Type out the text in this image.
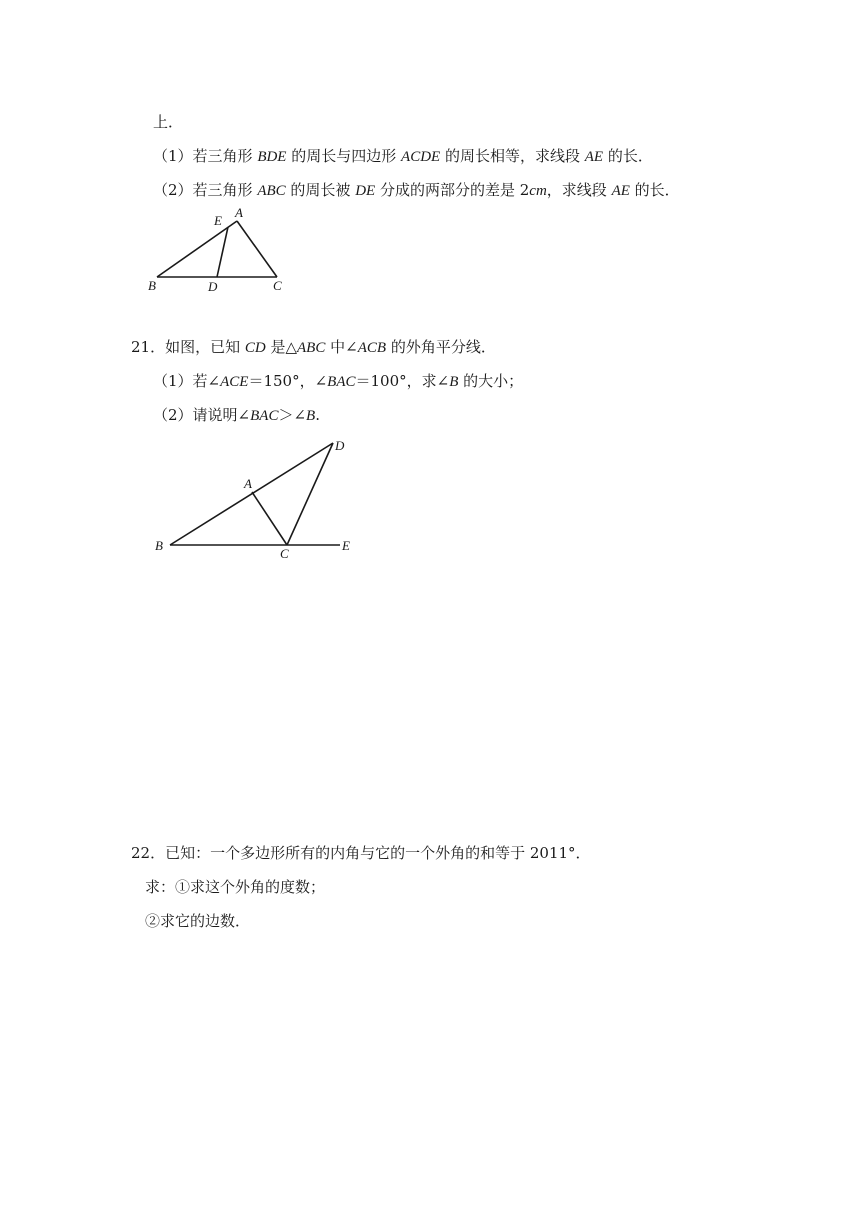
上．
（1）若三角形 BDE 的周长与四边形 ACDE 的周长相等，求线段 AE 的长．
（2）若三角形 ABC 的周长被 DE 分成的两部分的差是 2cm，求线段 AE 的长．
E
A
B	D	C
21．如图，已知 CD 是△ABC 中∠ACB 的外角平分线．
（1）若∠ACE＝150°，∠BAC＝100°，求∠B 的大小；
（2）请说明∠BAC＞∠B.
D
A
B
C
E
22．已知：一个多边形所有的内角与它的一个外角的和等于 2011°．
求：①求这个外角的度数；
②求它的边数．
